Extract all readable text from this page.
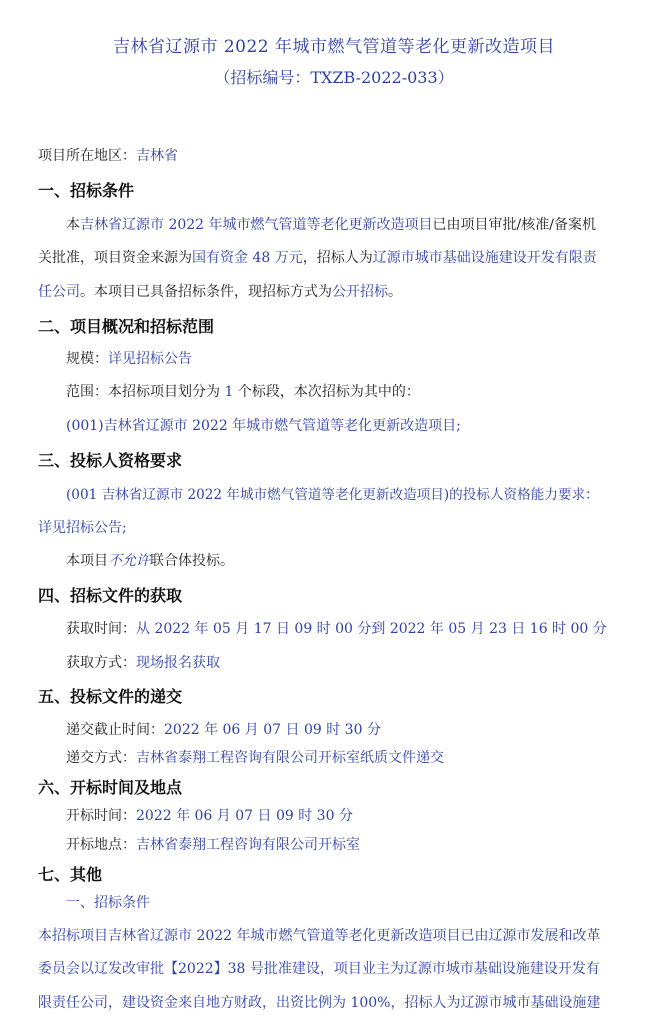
吉林省辽源市 2022 年城市燃气管道等老化更新改造项目
（招标编号：TXZB-2022-033）
项目所在地区：吉林省
一、招标条件
本吉林省辽源市 2022 年城市燃气管道等老化更新改造项目已由项目审批/核准/备案机
关批准，项目资金来源为国有资金 48 万元，招标人为辽源市城市基础设施建设开发有限责
任公司。本项目已具备招标条件，现招标方式为公开招标。
二、项目概况和招标范围
规模：详见招标公告
范围：本招标项目划分为 1 个标段，本次招标为其中的：
(001)吉林省辽源市 2022 年城市燃气管道等老化更新改造项目;
三、投标人资格要求
(001 吉林省辽源市 2022 年城市燃气管道等老化更新改造项目)的投标人资格能力要求：
详见招标公告;
本项目不允许联合体投标。
四、招标文件的获取
获取时间：从 2022 年 05 月 17 日 09 时 00 分到 2022 年 05 月 23 日 16 时 00 分
获取方式：现场报名获取
五、投标文件的递交
递交截止时间：2022 年 06 月 07 日 09 时 30 分
递交方式：吉林省泰翔工程咨询有限公司开标室纸质文件递交
六、开标时间及地点
开标时间：2022 年 06 月 07 日 09 时 30 分
开标地点：吉林省泰翔工程咨询有限公司开标室
七、其他
一、招标条件
本招标项目吉林省辽源市 2022 年城市燃气管道等老化更新改造项目已由辽源市发展和改革
委员会以辽发改审批【2022】38 号批准建设，项目业主为辽源市城市基础设施建设开发有
限责任公司，建设资金来自地方财政，出资比例为 100%，招标人为辽源市城市基础设施建
